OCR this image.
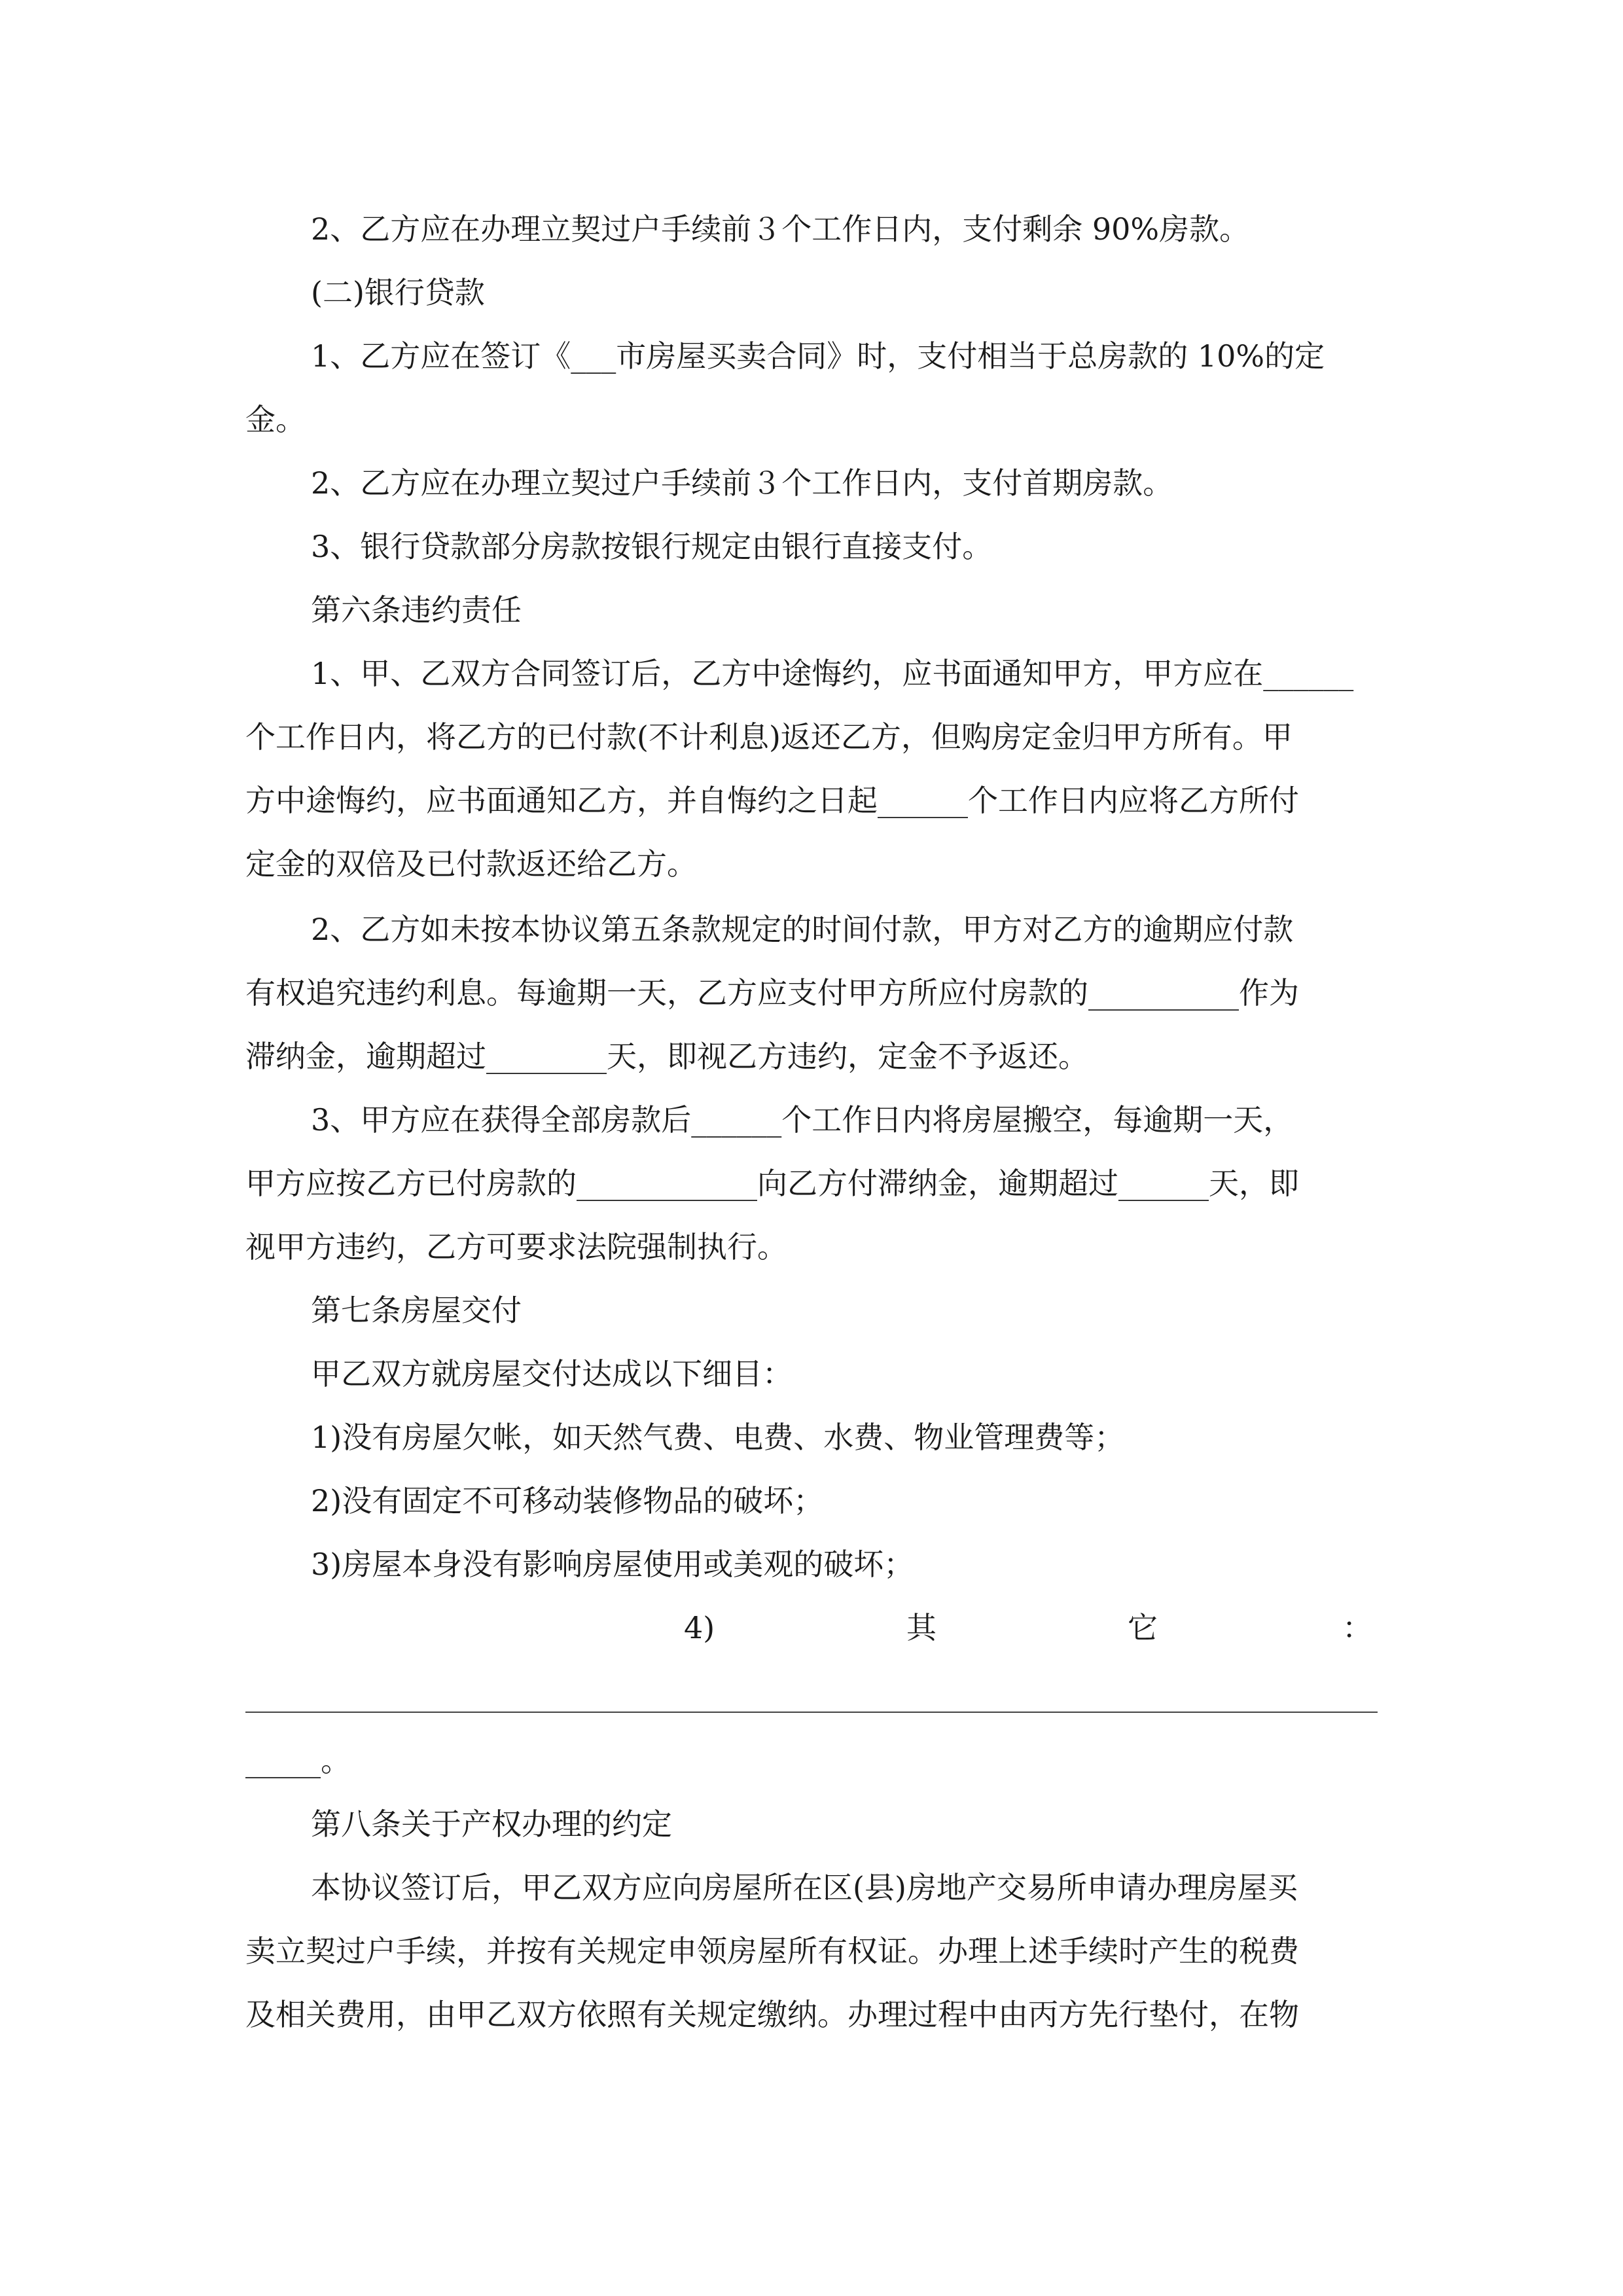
2、乙方应在办理立契过户手续前３个工作日内，支付剩余 90%房款。
(二)银行贷款
1、乙方应在签订《___市房屋买卖合同》时，支付相当于总房款的 10%的定
金。
2、乙方应在办理立契过户手续前３个工作日内，支付首期房款。
3、银行贷款部分房款按银行规定由银行直接支付。
第六条违约责任
1、甲、乙双方合同签订后，乙方中途悔约，应书面通知甲方，甲方应在______
个工作日内，将乙方的已付款(不计利息)返还乙方，但购房定金归甲方所有。甲
方中途悔约，应书面通知乙方，并自悔约之日起______个工作日内应将乙方所付
定金的双倍及已付款返还给乙方。
2、乙方如未按本协议第五条款规定的时间付款，甲方对乙方的逾期应付款
有权追究违约利息。每逾期一天，乙方应支付甲方所应付房款的__________作为
滞纳金，逾期超过________天，即视乙方违约，定金不予返还。
3、甲方应在获得全部房款后______个工作日内将房屋搬空，每逾期一天，
甲方应按乙方已付房款的____________向乙方付滞纳金，逾期超过______天，即
视甲方违约，乙方可要求法院强制执行。
第七条房屋交付
甲乙双方就房屋交付达成以下细目：
1)没有房屋欠帐，如天然气费、电费、水费、物业管理费等；
2)没有固定不可移动装修物品的破坏；
3)房屋本身没有影响房屋使用或美观的破坏；
4)	其	它	：
_____。
第八条关于产权办理的约定
本协议签订后，甲乙双方应向房屋所在区(县)房地产交易所申请办理房屋买
卖立契过户手续，并按有关规定申领房屋所有权证。办理上述手续时产生的税费
及相关费用，由甲乙双方依照有关规定缴纳。办理过程中由丙方先行垫付，在物
